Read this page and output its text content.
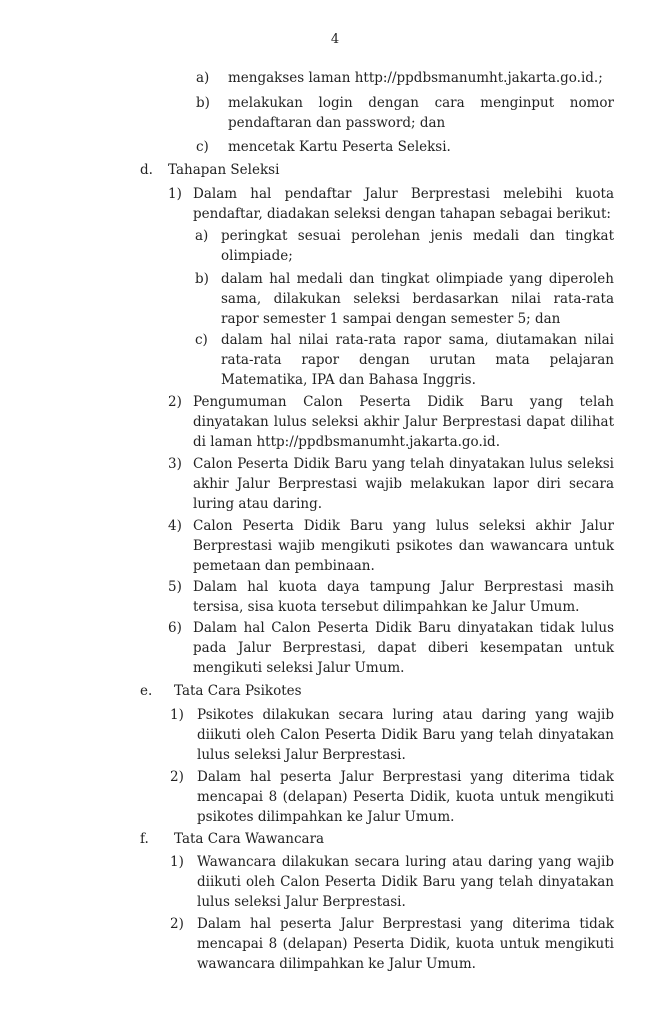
4
a)	mengakses laman http://ppdbsmanumht.jakarta.go.id.;
b)	melakukan login dengan cara menginput nomor pendaftaran dan password; dan
c)	mencetak Kartu Peserta Seleksi.
d.	Tahapan Seleksi
1) Dalam hal pendaftar Jalur Berprestasi melebihi kuota pendaftar, diadakan seleksi dengan tahapan sebagai berikut:
a) peringkat sesuai perolehan jenis medali dan tingkat olimpiade;
b) dalam hal medali dan tingkat olimpiade yang diperoleh sama, dilakukan seleksi berdasarkan nilai rata-rata rapor semester 1 sampai dengan semester 5; dan
c) dalam hal nilai rata-rata rapor sama, diutamakan nilai rata-rata rapor dengan urutan mata pelajaran Matematika, IPA dan Bahasa Inggris.
2) Pengumuman Calon Peserta Didik Baru yang telah dinyatakan lulus seleksi akhir Jalur Berprestasi dapat dilihat di laman http://ppdbsmanumht.jakarta.go.id.
3) Calon Peserta Didik Baru yang telah dinyatakan lulus seleksi akhir Jalur Berprestasi wajib melakukan lapor diri secara luring atau daring.
4) Calon Peserta Didik Baru yang lulus seleksi akhir Jalur Berprestasi wajib mengikuti psikotes dan wawancara untuk pemetaan dan pembinaan.
5) Dalam hal kuota daya tampung Jalur Berprestasi masih tersisa, sisa kuota tersebut dilimpahkan ke Jalur Umum.
6) Dalam hal Calon Peserta Didik Baru dinyatakan tidak lulus pada Jalur Berprestasi, dapat diberi kesempatan untuk mengikuti seleksi Jalur Umum.
e.	Tata Cara Psikotes
1) Psikotes dilakukan secara luring atau daring yang wajib diikuti oleh Calon Peserta Didik Baru yang telah dinyatakan lulus seleksi Jalur Berprestasi.
2) Dalam hal peserta Jalur Berprestasi yang diterima tidak mencapai 8 (delapan) Peserta Didik, kuota untuk mengikuti psikotes dilimpahkan ke Jalur Umum.
f.	Tata Cara Wawancara
1) Wawancara dilakukan secara luring atau daring yang wajib diikuti oleh Calon Peserta Didik Baru yang telah dinyatakan lulus seleksi Jalur Berprestasi.
2) Dalam hal peserta Jalur Berprestasi yang diterima tidak mencapai 8 (delapan) Peserta Didik, kuota untuk mengikuti wawancara dilimpahkan ke Jalur Umum.
